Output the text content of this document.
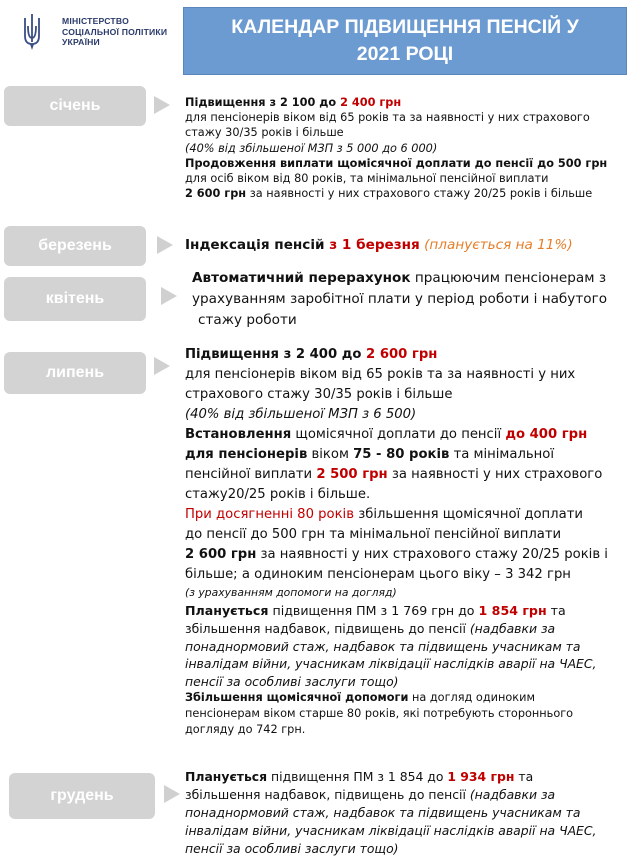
МІНІСТЕРСТВО
СОЦІАЛЬНОЇ ПОЛІТИКИ
УКРАЇНИ
КАЛЕНДАР ПІДВИЩЕННЯ ПЕНСІЙ У
2021 РОЦІ
січень
березень
квітень
липень
грудень
Підвищення з 2 100 до 2 400 грн
для пенсіонерів віком від 65 років та за наявності у них страхового
стажу 30/35 років і більше
(40% від збільшеної МЗП з 5 000 до 6 000)
Продовження виплати щомісячної доплати до пенсії до 500 грн
для осіб віком від 80 років, та мінімальної пенсійної виплати
2 600 грн за наявності у них страхового стажу 20/25 років і більше
Індексація пенсій з 1 березня (планується на 11%)
Автоматичний перерахунок працюючим пенсіонерам з
урахуванням заробітної плати у період роботи і набутого
стажу роботи
Підвищення з 2 400 до 2 600 грн
для пенсіонерів віком від 65 років та за наявності у них
страхового стажу 30/35 років і більше
(40% від збільшеної МЗП з 6 500)
Встановлення щомісячної доплати до пенсії до 400 грн
для пенсіонерів віком 75 - 80 років та мінімальної
пенсійної виплати 2 500 грн за наявності у них страхового
стажу20/25 років і більше.
При досягненні 80 років збільшення щомісячної доплати
до пенсії до 500 грн та мінімальної пенсійної виплати
2 600 грн за наявності у них страхового стажу 20/25 років і
більше; а одиноким пенсіонерам цього віку – 3 342 грн
(з урахуванням допомоги на догляд)
Планується підвищення ПМ з 1 769 грн до 1 854 грн та
збільшення надбавок, підвищень до пенсії (надбавки за
понаднормовий стаж, надбавок та підвищень учасникам та
інвалідам війни, учасникам ліквідації наслідків аварії на ЧАЕС,
пенсії за особливі заслуги тощо)
Збільшення щомісячної допомоги на догляд одиноким
пенсіонерам віком старше 80 років, які потребують стороннього
догляду до 742 грн.
Планується підвищення ПМ з 1 854 до 1 934 грн та
збільшення надбавок, підвищень до пенсії (надбавки за
понаднормовий стаж, надбавок та підвищень учасникам та
інвалідам війни, учасникам ліквідації наслідків аварії на ЧАЕС,
пенсії за особливі заслуги тощо)
